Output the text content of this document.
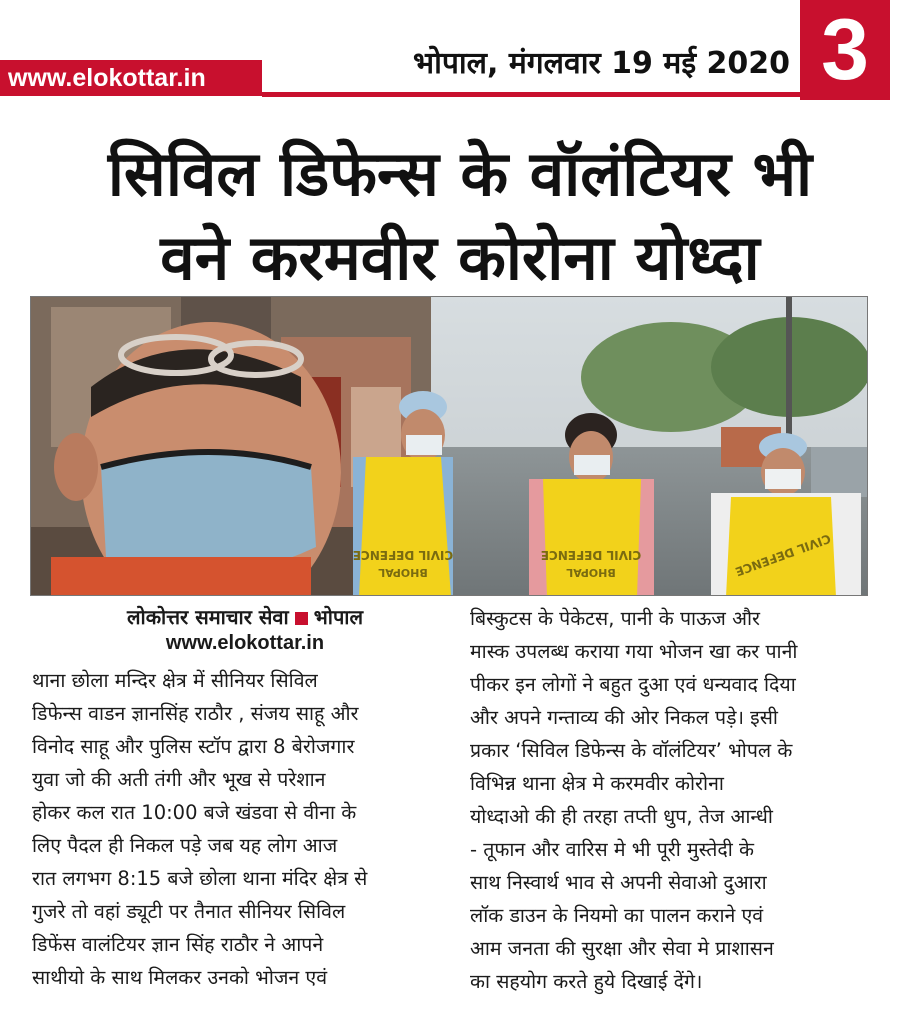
www.elokottar.in	भोपाल, मंगलवार 19 मई 2020 3
सिविल डिफेन्स के वॉलंटियर भी
वने करमवीर कोरोना योध्दा
CIVIL DEFENCE
BHOPAL
CIVIL DEFENCE
BHOPAL	CIVIL DEFENCE
लोकोत्तर समाचार सेवा भोपाल
www.elokottar.in

थाना छोला मन्दिर क्षेत्र में सीनियर सिविल

डिफेन्स वाडन ज्ञानसिंह राठौर , संजय साहू और

विनोद साहू और पुलिस स्टॉप द्वारा 8 बेरोजगार

युवा जो की अती तंगी और भूख से परेशान

होकर कल रात 10:00 बजे खंडवा से वीना के

लिए पैदल ही निकल पड़े जब यह लोग आज

रात लगभग 8:15 बजे छोला थाना मंदिर क्षेत्र से

गुजरे तो वहां ड्यूटी पर तैनात सीनियर सिविल

डिफेंस वालंटियर ज्ञान सिंह राठौर ने आपने

साथीयो के साथ मिलकर उनको भोजन एवं

बिस्कुटस के पेकेटस, पानी के पाऊज और

मास्क उपलब्ध कराया गया भोजन खा कर पानी

पीकर इन लोगों ने बहुत दुआ एवं धन्यवाद दिया

और अपने गन्ताव्य की ओर निकल पड़े। इसी

प्रकार ‘सिविल डिफेन्स के वॉलंटियर’ भोपल के

विभिन्न थाना क्षेत्र मे करमवीर कोरोना

योध्दाओ की ही तरहा तप्ती धुप, तेज आन्धी

- तूफान और वारिस मे भी पूरी मुस्तेदी के

साथ निस्वार्थ भाव से अपनी सेवाओ दुआरा

लॉक डाउन के नियमो का पालन कराने एवं

आम जनता की सुरक्षा और सेवा मे प्राशासन

का सहयोग करते हुये दिखाई देंगे।
